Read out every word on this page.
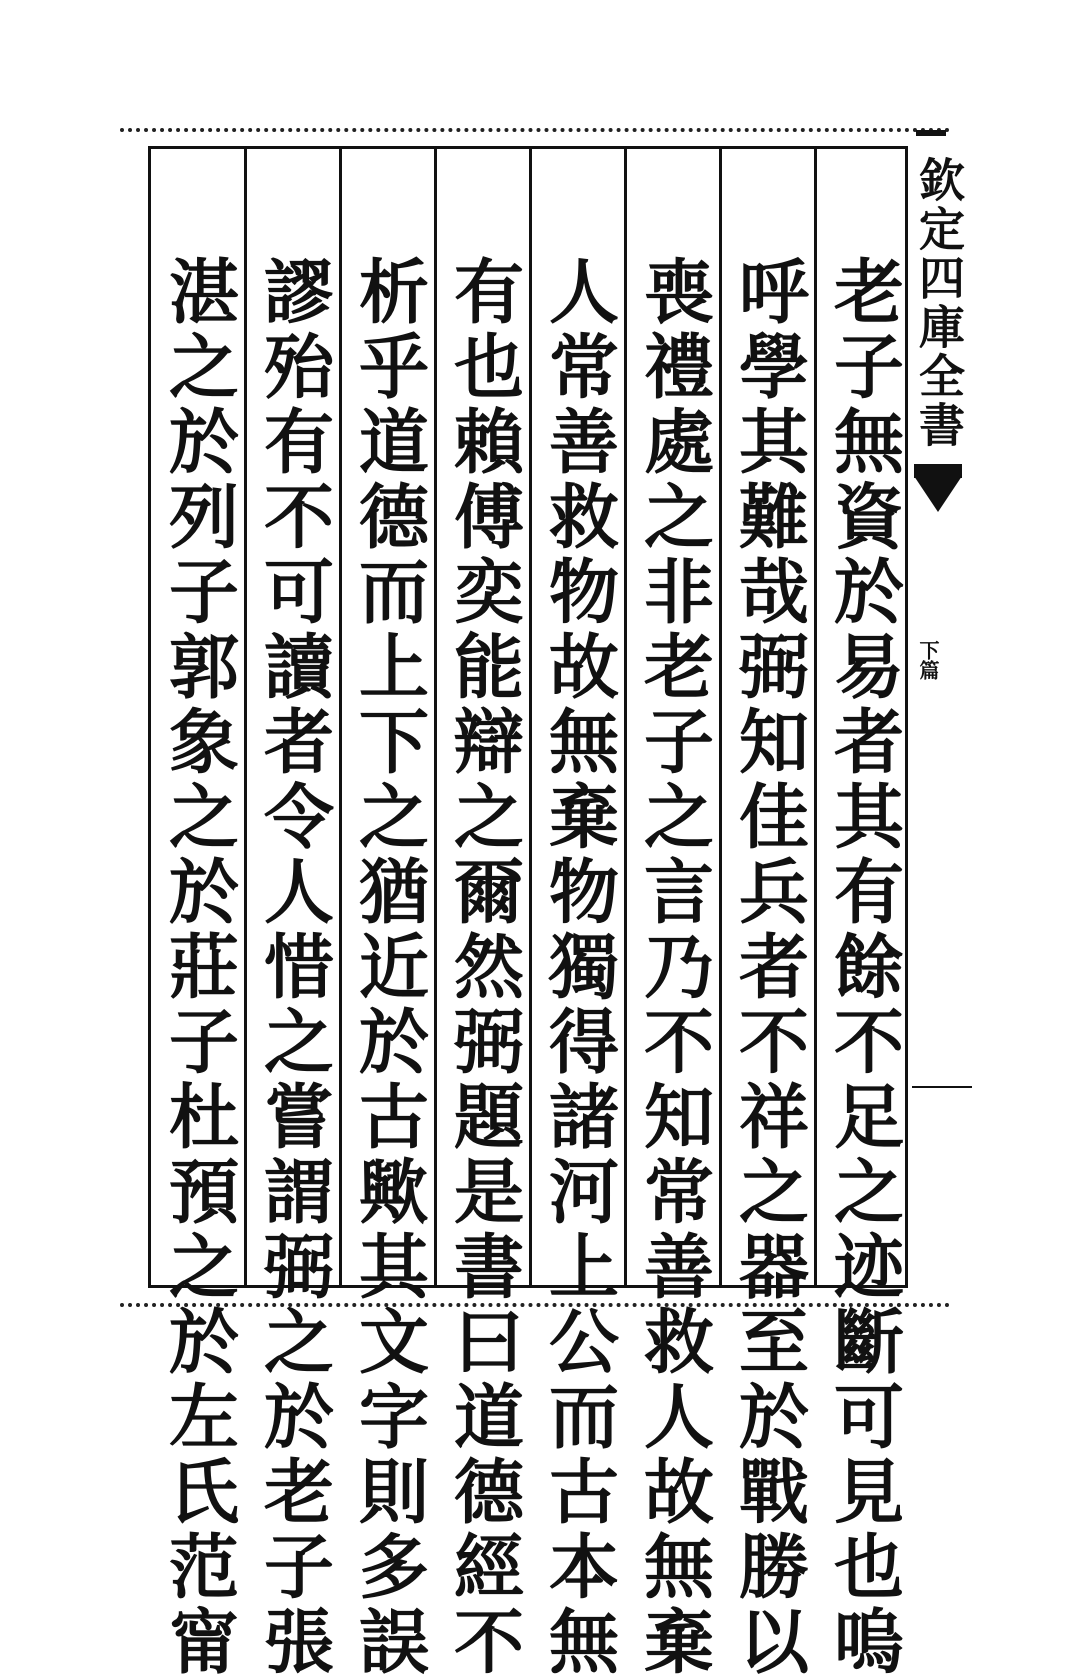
老子無資於易者其有餘不足之迹斷可見也嗚
呼學其難哉弼知佳兵者不祥之器至於戰勝以
喪禮處之非老子之言乃不知常善救人故無棄
人常善救物故無棄物獨得諸河上公而古本無
有也賴傅奕能辯之爾然弼題是書曰道德經不
析乎道德而上下之猶近於古歟其文字則多誤
謬殆有不可讀者令人惜之嘗謂弼之於老子張
湛之於列子郭象之於莊子杜預之於左氏范甯	欽定四庫全書
下篇
